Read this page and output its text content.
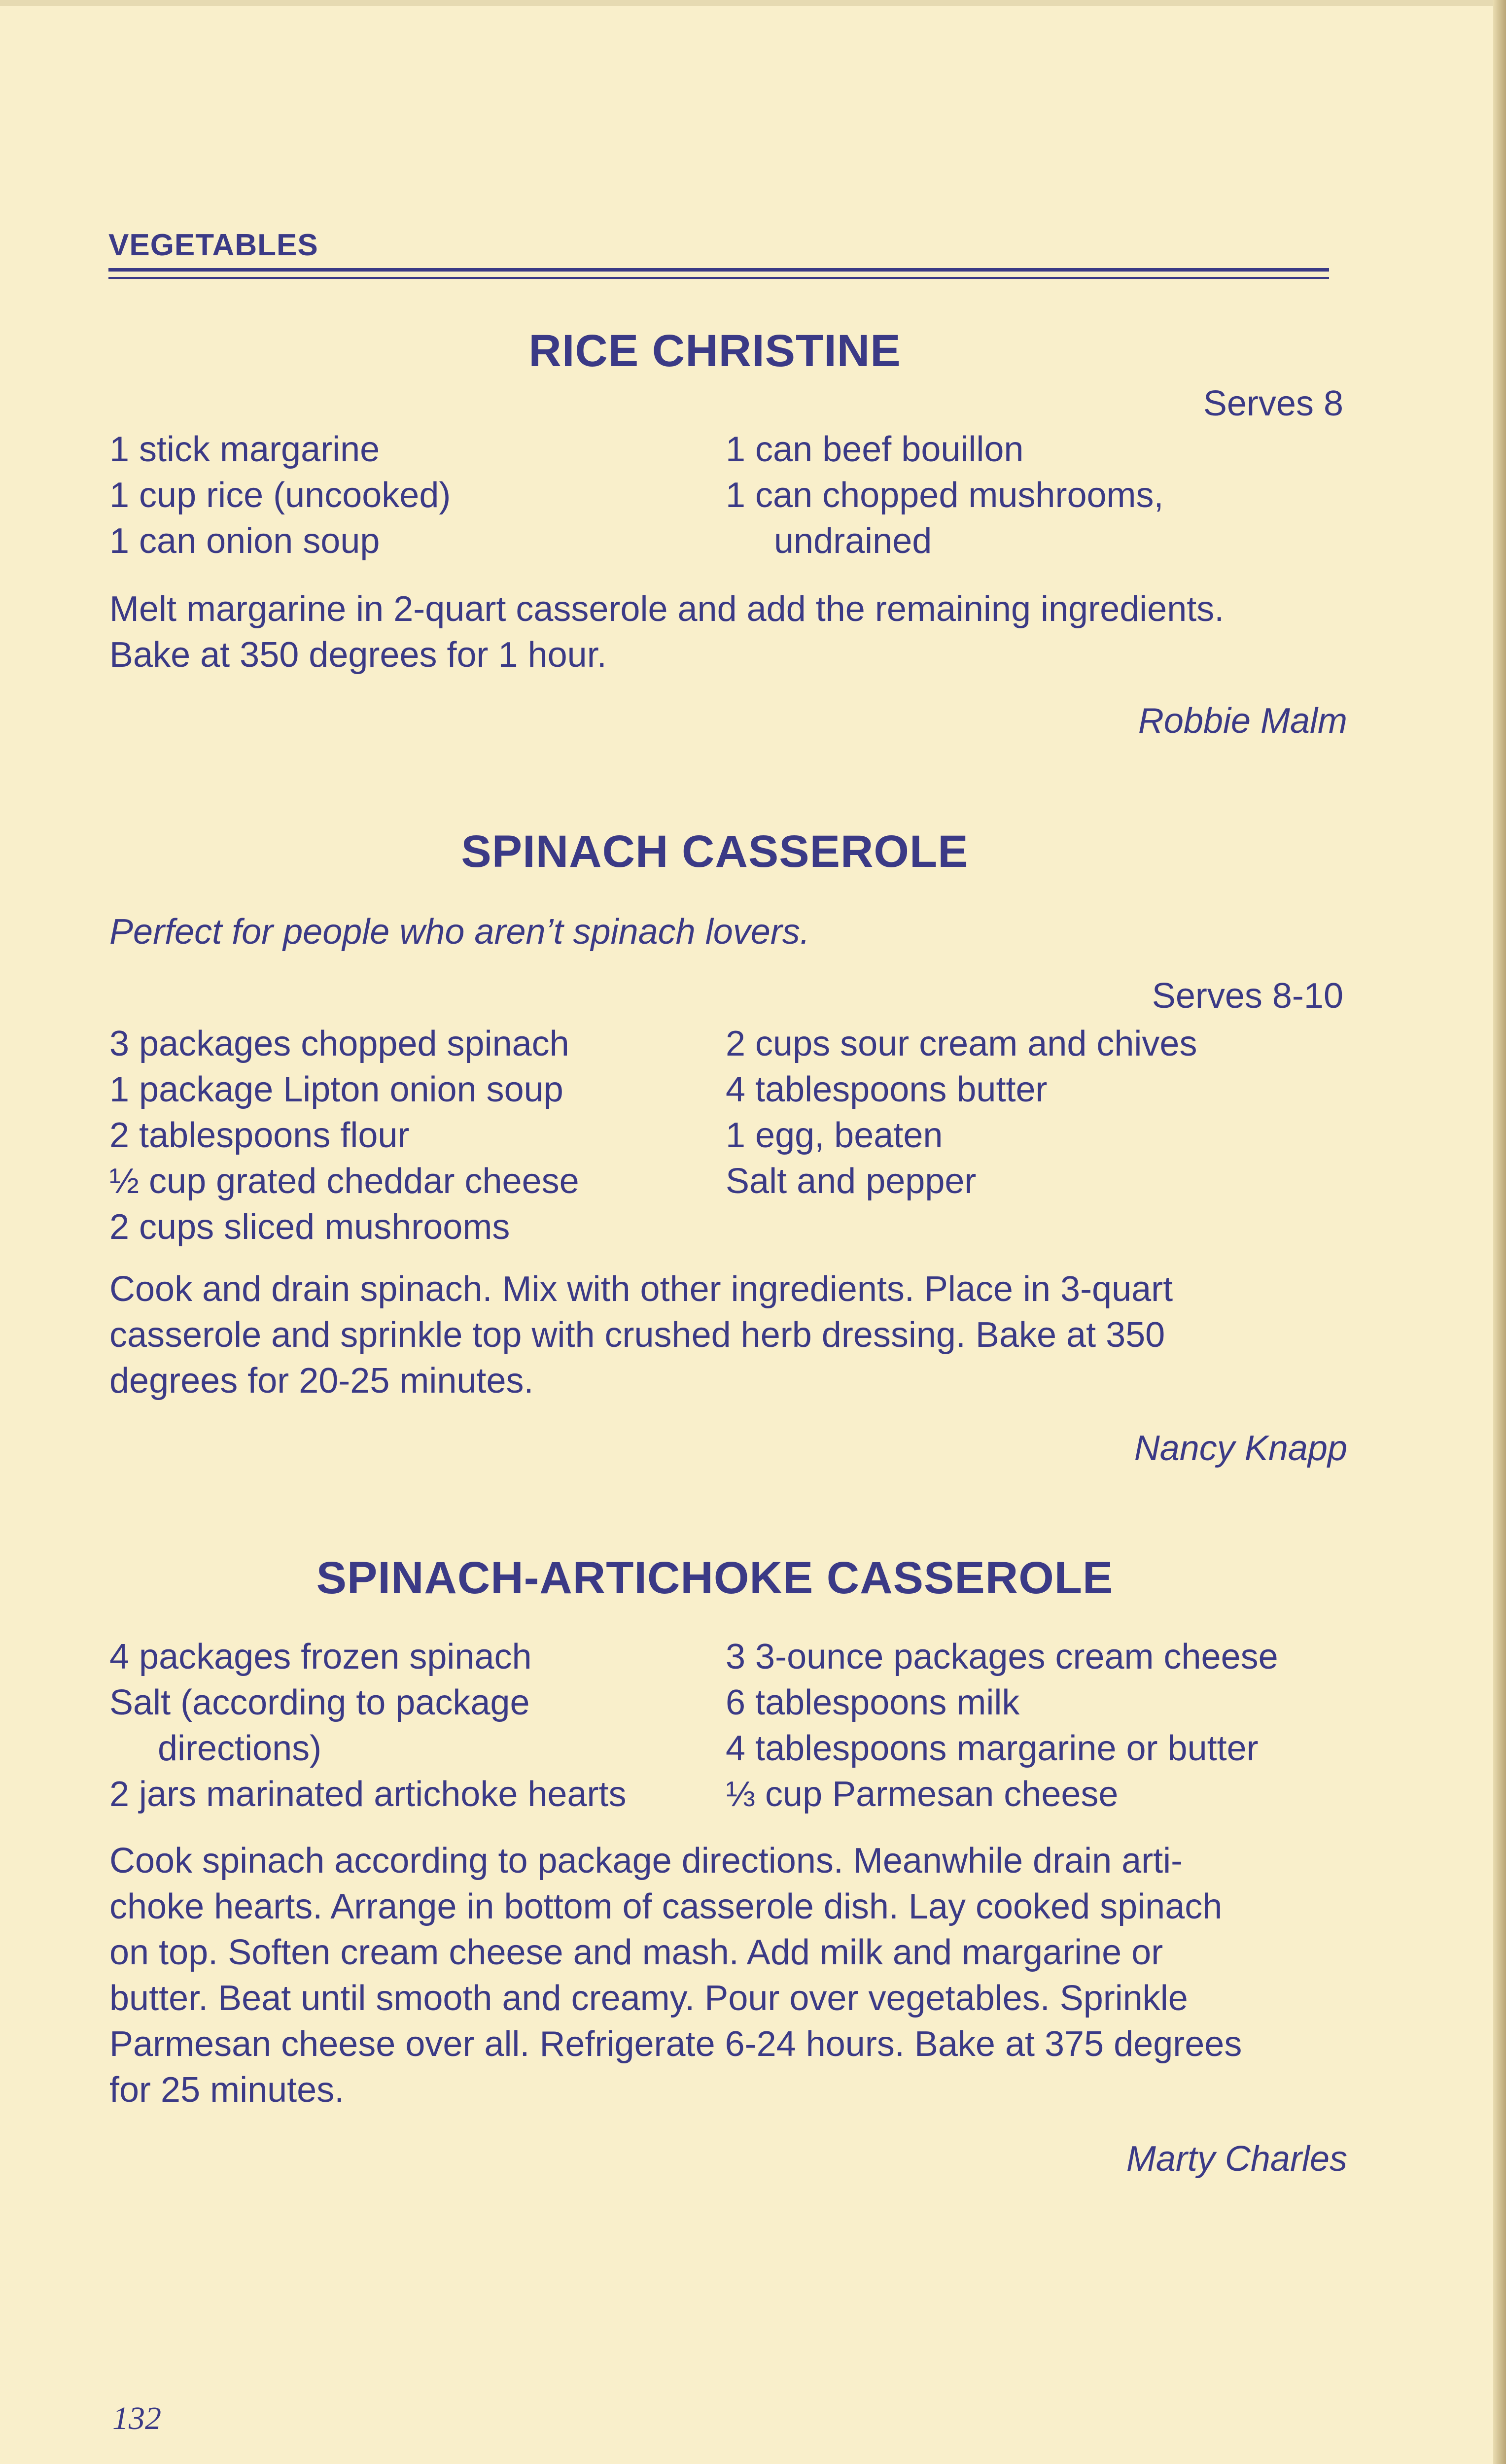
VEGETABLES
RICE CHRISTINE
Serves 8
1 stick margarine
1 cup rice (uncooked)
1 can onion soup
1 can beef bouillon
1 can chopped mushrooms,
undrained
Melt margarine in 2-quart casserole and add the remaining ingredients.
Bake at 350 degrees for 1 hour.
Robbie Malm
SPINACH CASSEROLE
Perfect for people who aren’t spinach lovers.
Serves 8-10
3 packages chopped spinach
1 package Lipton onion soup
2 tablespoons flour
½ cup grated cheddar cheese
2 cups sliced mushrooms
2 cups sour cream and chives
4 tablespoons butter
1 egg, beaten
Salt and pepper
Cook and drain spinach. Mix with other ingredients. Place in 3-quart
casserole and sprinkle top with crushed herb dressing. Bake at 350
degrees for 20-25 minutes.
Nancy Knapp
SPINACH-ARTICHOKE CASSEROLE
4 packages frozen spinach
Salt (according to package
directions)
2 jars marinated artichoke hearts
3 3-ounce packages cream cheese
6 tablespoons milk
4 tablespoons margarine or butter
⅓ cup Parmesan cheese
Cook spinach according to package directions. Meanwhile drain arti-
choke hearts. Arrange in bottom of casserole dish. Lay cooked spinach
on top. Soften cream cheese and mash. Add milk and margarine or
butter. Beat until smooth and creamy. Pour over vegetables. Sprinkle
Parmesan cheese over all. Refrigerate 6-24 hours. Bake at 375 degrees
for 25 minutes.
Marty Charles
132
